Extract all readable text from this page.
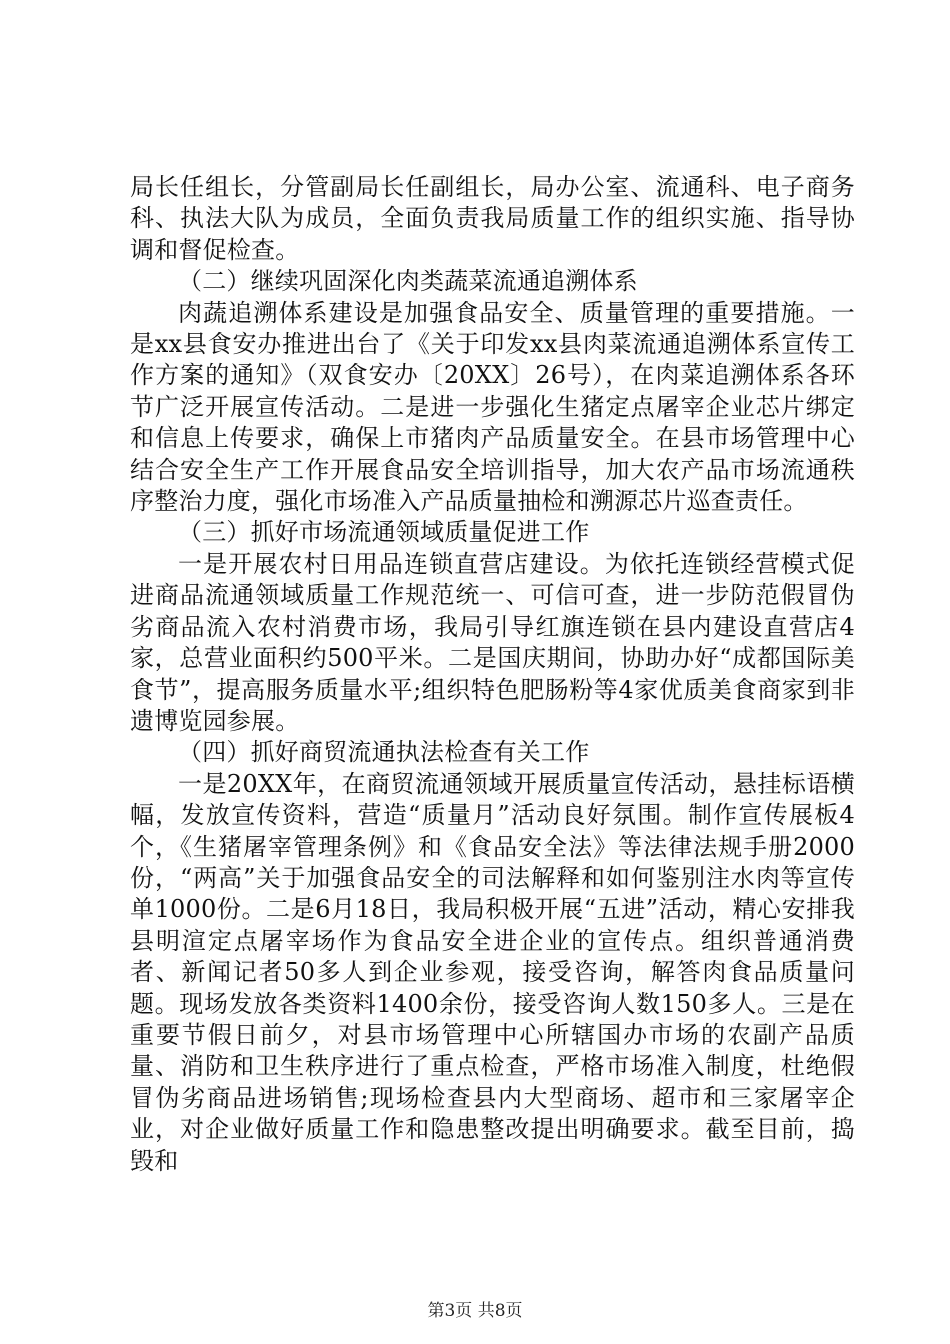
局长任组长，分管副局长任副组长，局办公室、流通科、电子商务科、执法大队为成员，全面负责我局质量工作的组织实施、指导协调和督促检查。

（二）继续巩固深化肉类蔬菜流通追溯体系

肉蔬追溯体系建设是加强食品安全、质量管理的重要措施。一是xx县食安办推进出台了《关于印发xx县肉菜流通追溯体系宣传工作方案的通知》（双食安办〔20XX〕26号），在肉菜追溯体系各环节广泛开展宣传活动。二是进一步强化生猪定点屠宰企业芯片绑定和信息上传要求，确保上市猪肉产品质量安全。在县市场管理中心结合安全生产工作开展食品安全培训指导，加大农产品市场流通秩序整治力度，强化市场准入产品质量抽检和溯源芯片巡查责任。

（三）抓好市场流通领域质量促进工作

一是开展农村日用品连锁直营店建设。为依托连锁经营模式促进商品流通领域质量工作规范统一、可信可查，进一步防范假冒伪劣商品流入农村消费市场，我局引导红旗连锁在县内建设直营店4家，总营业面积约500平米。二是国庆期间，协助办好“成都国际美食节”，提高服务质量水平;组织特色肥肠粉等4家优质美食商家到非遗博览园参展。

（四）抓好商贸流通执法检查有关工作

一是20XX年，在商贸流通领域开展质量宣传活动，悬挂标语横幅，发放宣传资料，营造“质量月”活动良好氛围。制作宣传展板4个，《生猪屠宰管理条例》和《食品安全法》等法律法规手册2000份，“两高”关于加强食品安全的司法解释和如何鉴别注水肉等宣传单1000份。二是6月18日，我局积极开展“五进”活动，精心安排我县明渲定点屠宰场作为食品安全进企业的宣传点。组织普通消费者、新闻记者50多人到企业参观，接受咨询，解答肉食品质量问题。现场发放各类资料1400余份，接受咨询人数150多人。三是在重要节假日前夕，对县市场管理中心所辖国办市场的农副产品质量、消防和卫生秩序进行了重点检查，严格市场准入制度，杜绝假冒伪劣商品进场销售;现场检查县内大型商场、超市和三家屠宰企业，对企业做好质量工作和隐患整改提出明确要求。截至目前，捣毁和

第3页 共8页
